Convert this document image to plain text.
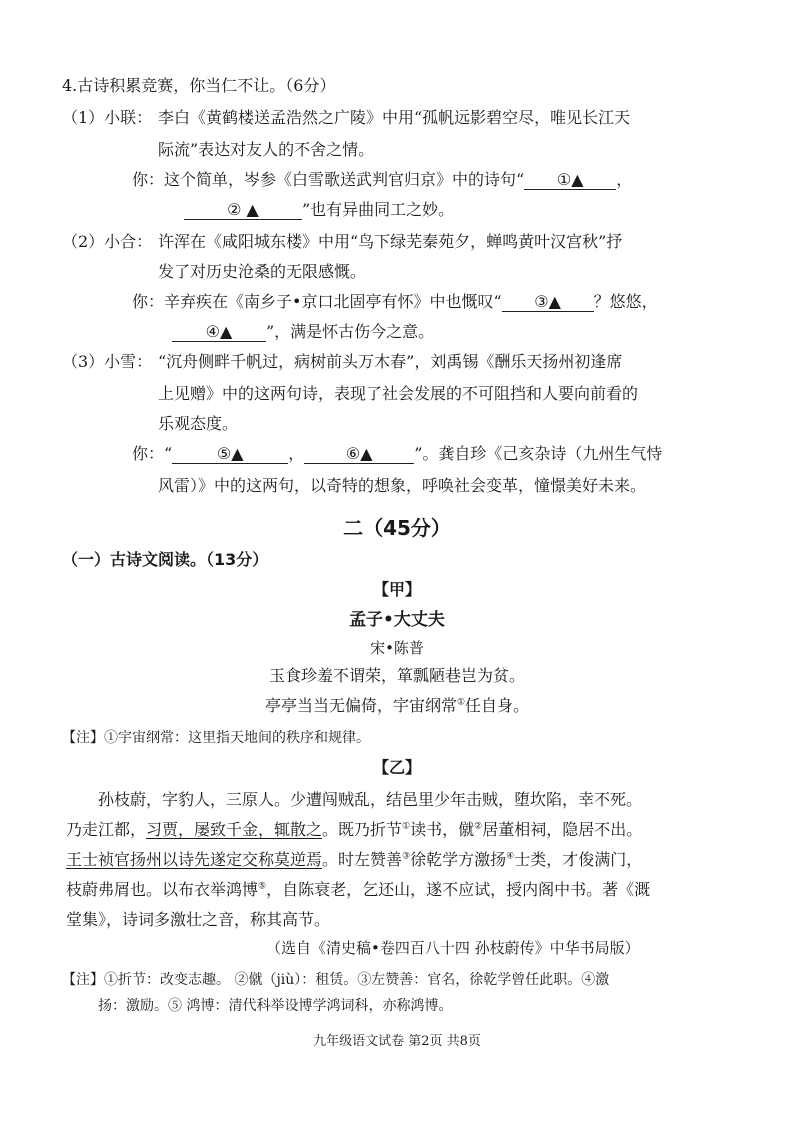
4.古诗积累竞赛，你当仁不让。（6分）
（1）小联： 李白《黄鹤楼送孟浩然之广陵》中用“孤帆远影碧空尽，唯见长江天
际流”表达对友人的不舍之情。
你：这个简单，岑参《白雪歌送武判官归京》中的诗句“ ①▲ ，
② ▲	”也有异曲同工之妙。
（2）小合： 许浑在《咸阳城东楼》中用“鸟下绿芜秦苑夕，蝉鸣黄叶汉宫秋”抒
发了对历史沧桑的无限感慨。
你：辛弃疾在《南乡子•京口北固亭有怀》中也慨叹“ ③▲ ？悠悠，
④▲ ”，满是怀古伤今之意。
（3）小雪： “沉舟侧畔千帆过，病树前头万木春”，刘禹锡《酬乐天扬州初逢席
上见赠》中的这两句诗，表现了社会发展的不可阻挡和人要向前看的
乐观态度。
你：“	⑤▲	，	⑥▲	”。龚自珍《己亥杂诗（九州生气恃
风雷）》中的这两句，以奇特的想象，呼唤社会变革，憧憬美好未来。
二（45分）
（一）古诗文阅读。（13分）
【甲】
孟子•大丈夫
宋•陈普
玉食珍羞不谓荣，箪瓢陋巷岂为贫。
亭亭当当无偏倚，宇宙纲常①任自身。
【注】①宇宙纲常：这里指天地间的秩序和规律。
【乙】
孙枝蔚，字豹人，三原人。少遭闯贼乱，结邑里少年击贼，堕坎陷，幸不死。
乃走江都，习贾，屡致千金，辄散之。既乃折节①读书，僦②居董相祠，隐居不出。
王士祯官扬州以诗先遂定交称莫逆焉。时左赞善③徐乾学方激扬④士类，才俊满门，
枝蔚弗屑也。以布衣举鸿博⑤，自陈衰老，乞还山，遂不应试，授内阁中书。著《溉
堂集》，诗词多激壮之音，称其高节。
（选自《清史稿•卷四百八十四 孙枝蔚传》中华书局版）
【注】①折节：改变志趣。 ②僦（jiù）：租赁。③左赞善：官名，徐乾学曾任此职。④激
扬：激励。⑤ 鸿博：清代科举设博学鸿词科，亦称鸿博。
九年级语文试卷 第2页 共8页
